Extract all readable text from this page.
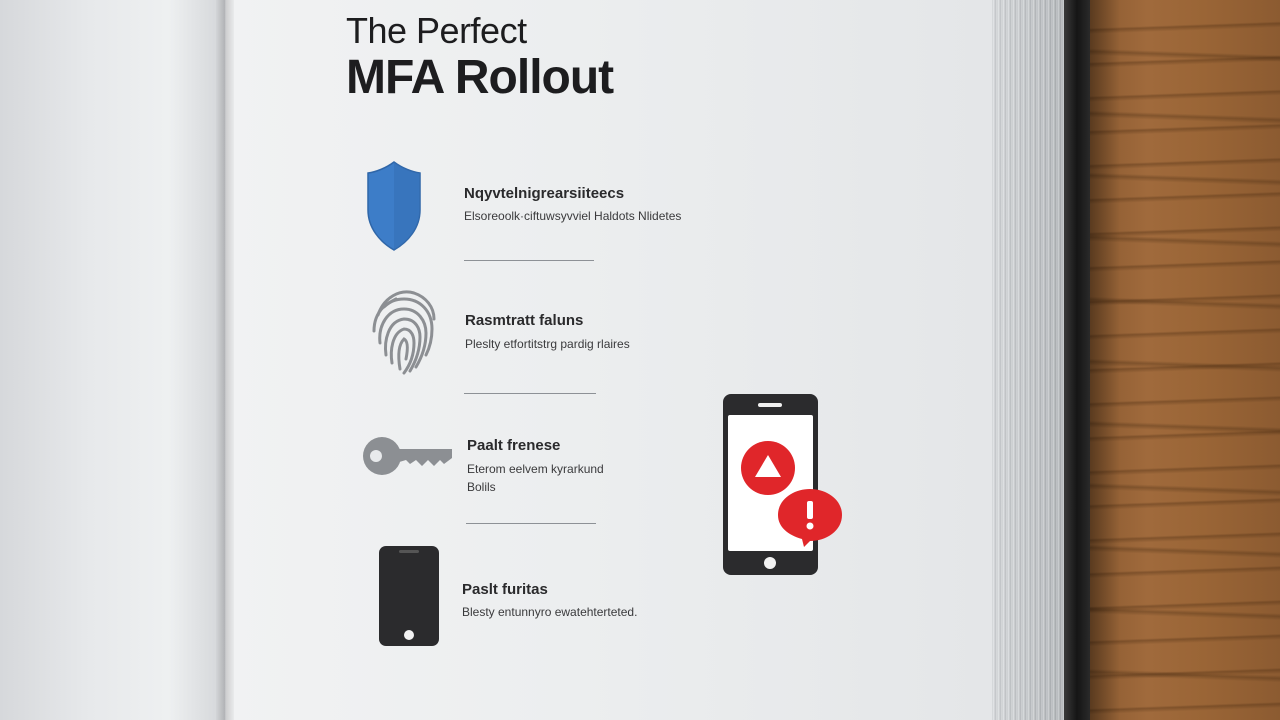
The Perfect
MFA Rollout
Nqyvtelnigrearsiiteecs
Elsoreoolk·ciftuwsyvviel Haldots Nlidetes
Rasmtratt faluns
Pleslty etfortitstrg pardig rlaires
Paalt frenese
Eterom eelvem kyrarkund
Bolils
Paslt furitas
Blesty entunnyro ewatehterteted.
